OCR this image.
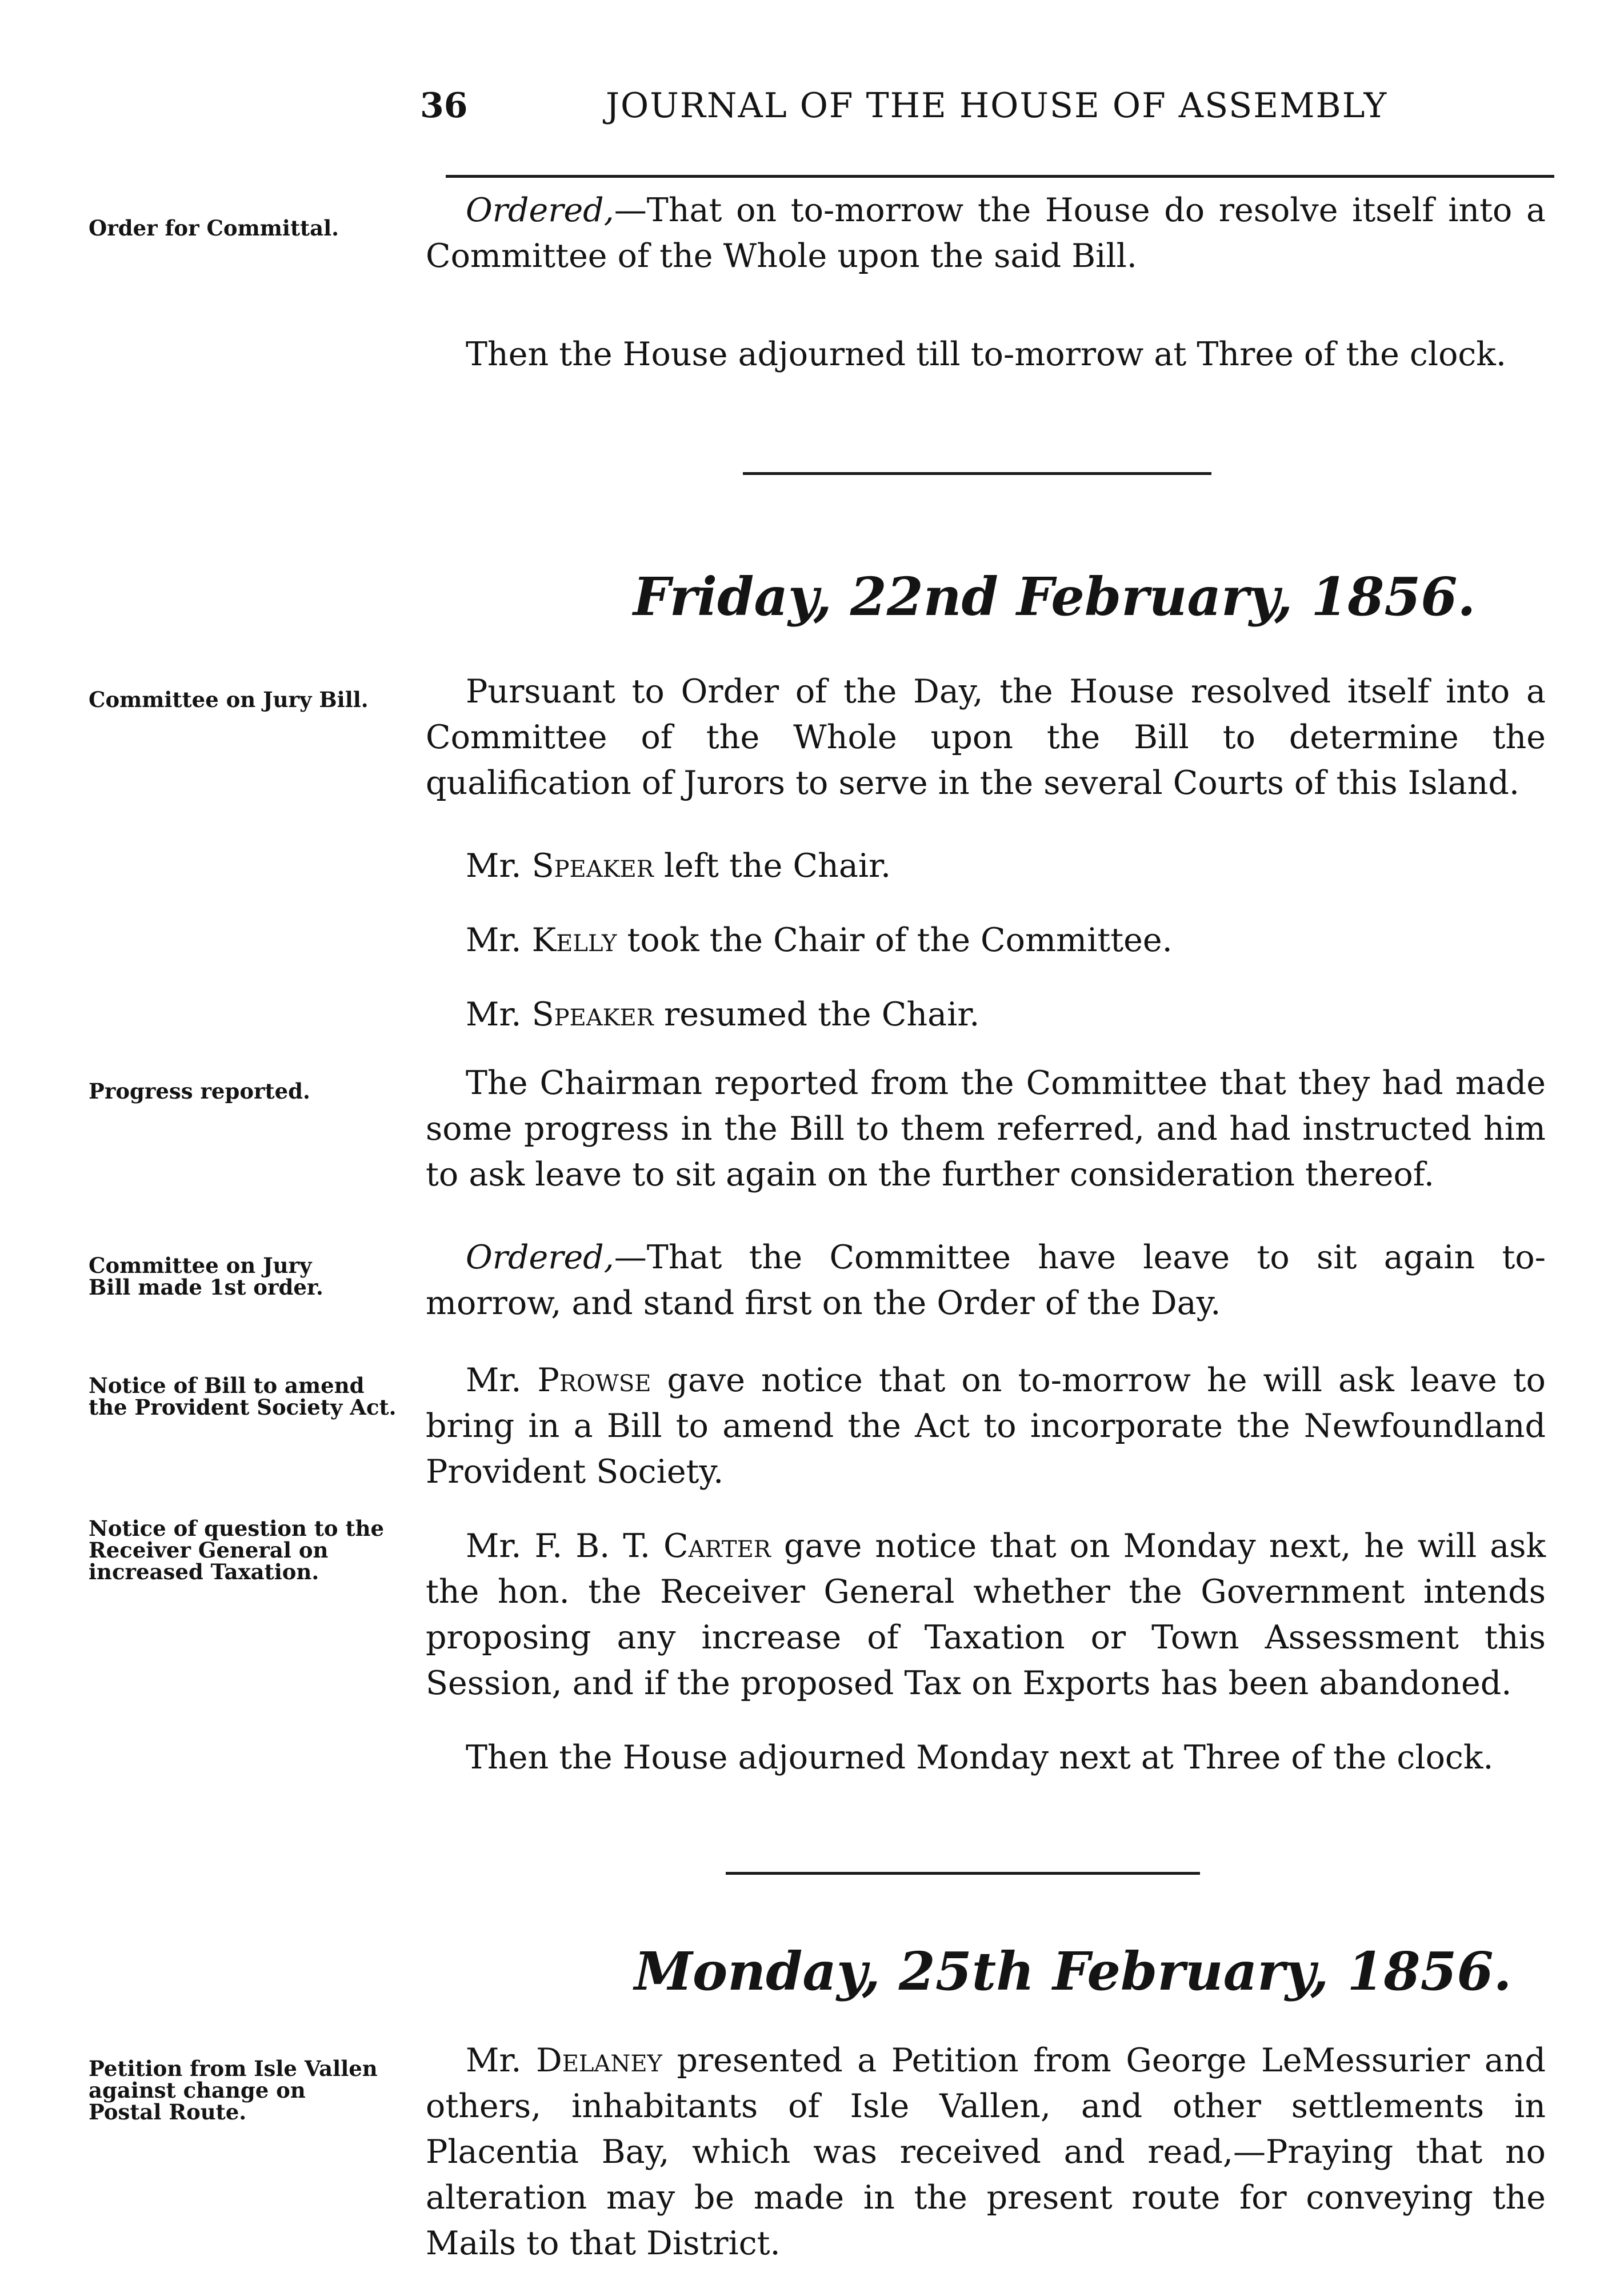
36	JOURNAL OF THE HOUSE OF ASSEMBLY
Order for Committal.	Ordered,—That on to-morrow the House do resolve itself into a Committee of the Whole upon the said Bill.

Then the House adjourned till to-morrow at Three of the clock.

Friday, 22nd February, 1856.
Committee on Jury Bill.	Pursuant to Order of the Day, the House resolved itself into a Committee of the Whole upon the Bill to determine the qualification of Jurors to serve in the several Courts of this Island.

Mr. Speaker left the Chair.

Mr. Kelly took the Chair of the Committee.

Mr. Speaker resumed the Chair.

Progress reported.	The Chairman reported from the Committee that they had made some progress in the Bill to them referred, and had instructed him to ask leave to sit again on the further consideration thereof.

Committee on Jury Bill made 1st order.

Ordered,—That the Committee have leave to sit again to-morrow, and stand first on the Order of the Day.

Notice of Bill to amend the Provident Society Act.

Mr. Prowse gave notice that on to-morrow he will ask leave to bring in a Bill to amend the Act to incorporate the Newfoundland Provident Society.

Notice of question to the Receiver General on increased Taxation.

Mr. F. B. T. Carter gave notice that on Monday next, he will ask the hon. the Receiver General whether the Government intends proposing any increase of Taxation or Town Assessment this Session, and if the proposed Tax on Exports has been abandoned.

Then the House adjourned Monday next at Three of the clock.

Monday, 25th February, 1856.
Petition from Isle Vallen against change on Postal Route.

Mr. Delaney presented a Petition from George LeMessurier and others, inhabitants of Isle Vallen, and other settlements in Placentia Bay, which was received and read,—Praying that no alteration may be made in the present route for conveying the Mails to that District.
